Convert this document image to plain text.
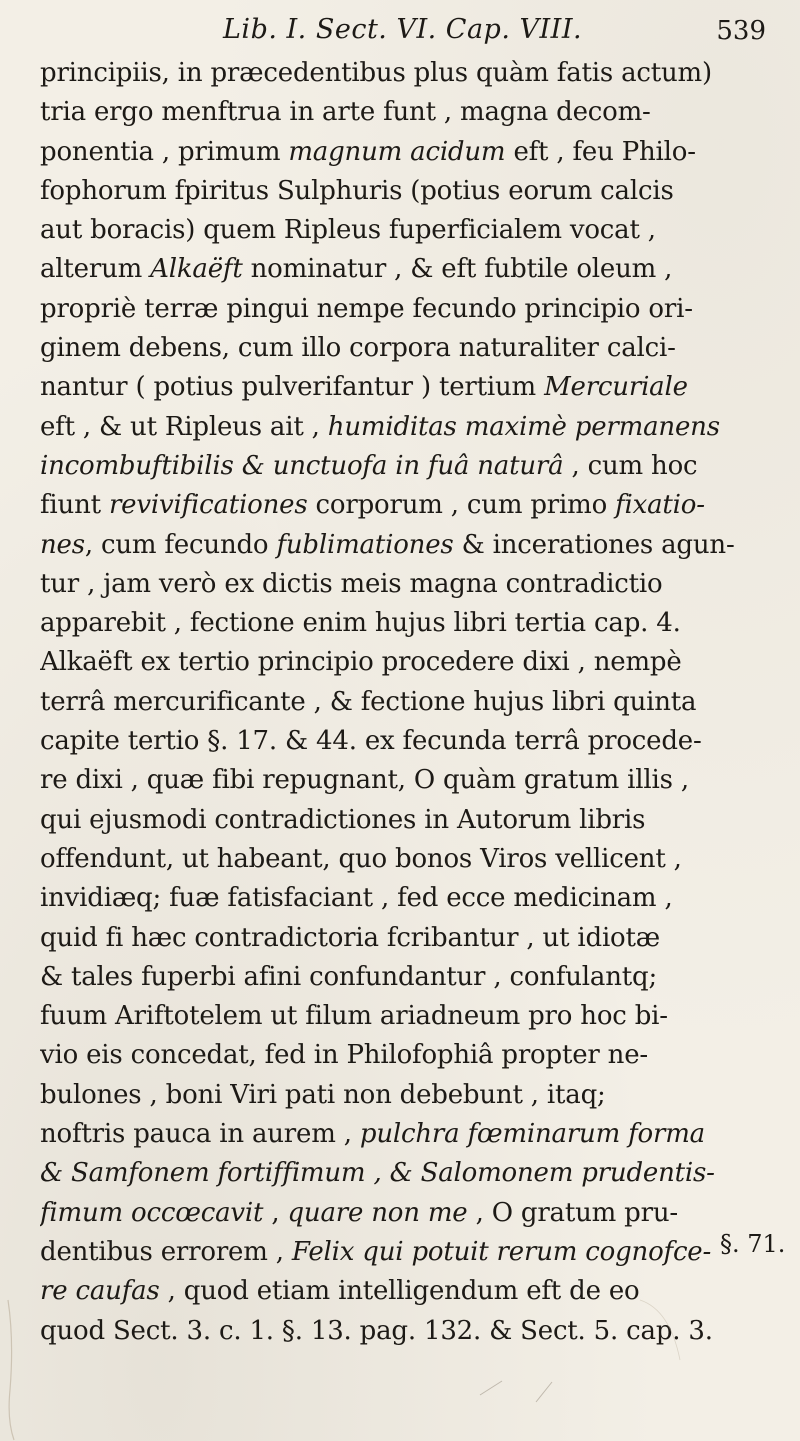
Lib. I. Sect. VI. Cap. VIII.	539
principiis, in præcedentibus plus quàm fatis actum)
tria ergo menftrua in arte funt , magna decom-
ponentia , primum magnum acidum eft , feu Philo-
fophorum fpiritus Sulphuris (potius eorum calcis
aut boracis) quem Ripleus fuperficialem vocat ,
alterum Alkaëft nominatur , & eft fubtile oleum ,
propriè terræ pingui nempe fecundo principio ori-
ginem debens, cum illo corpora naturaliter calci-
nantur ( potius pulverifantur ) tertium Mercuriale
eft , & ut Ripleus ait , humiditas maximè permanens
incombuftibilis & unctuofa in fuâ naturâ , cum hoc
fiunt revivificationes corporum , cum primo fixatio-
nes, cum fecundo fublimationes & incerationes agun-
tur , jam verò ex dictis meis magna contradictio
apparebit , fectione enim hujus libri tertia cap. 4.
Alkaëft ex tertio principio procedere dixi , nempè
terrâ mercurificante , & fectione hujus libri quinta
capite tertio §. 17. & 44. ex fecunda terrâ procede-
re dixi , quæ fibi repugnant, O quàm gratum illis ,
qui ejusmodi contradictiones in Autorum libris
offendunt, ut habeant, quo bonos Viros vellicent ,
invidiæq; fuæ fatisfaciant , fed ecce medicinam ,
quid fi hæc contradictoria fcribantur , ut idiotæ
& tales fuperbi afini confundantur , confulantq;
fuum Ariftotelem ut filum ariadneum pro hoc bi-
vio eis concedat, fed in Philofophiâ propter ne-
bulones , boni Viri pati non debebunt , itaq;
noftris pauca in aurem , pulchra fœminarum forma
& Samfonem fortiffimum , & Salomonem prudentis-
fimum occœcavit , quare non me , O gratum pru-
dentibus errorem , Felix qui potuit rerum cognofce-
re caufas , quod etiam intelligendum eft de eo
quod Sect. 3. c. 1. §. 13. pag. 132. & Sect. 5. cap. 3.
§. 71.
